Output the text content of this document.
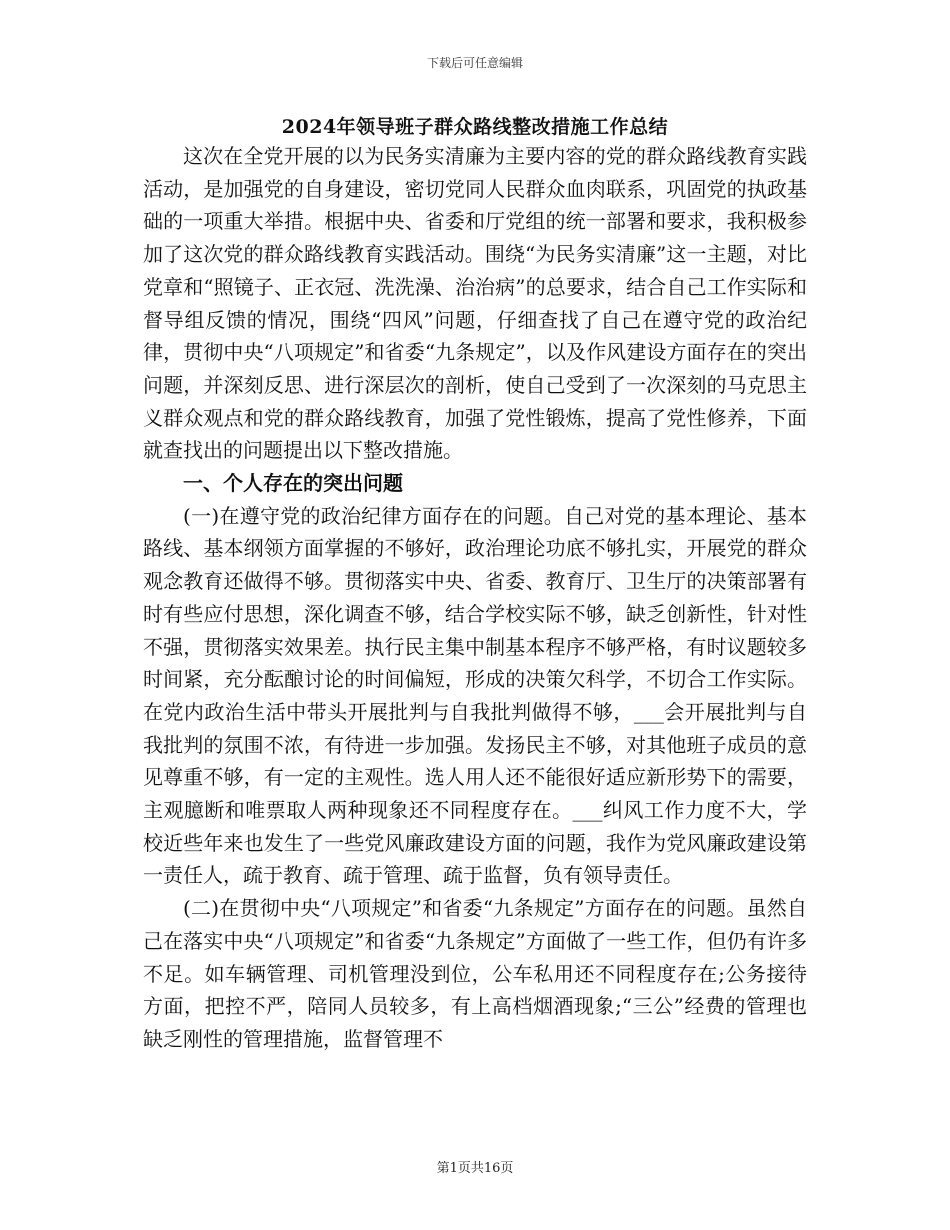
下载后可任意编辑
2024年领导班子群众路线整改措施工作总结

这次在全党开展的以为民务实清廉为主要内容的党的群众路线教育实践活动，是加强党的自身建设，密切党同人民群众血肉联系，巩固党的执政基础的一项重大举措。根据中央、省委和厅党组的统一部署和要求，我积极参加了这次党的群众路线教育实践活动。围绕“为民务实清廉”这一主题，对比党章和“照镜子、正衣冠、洗洗澡、治治病”的总要求，结合自己工作实际和督导组反馈的情况，围绕“四风”问题，仔细查找了自己在遵守党的政治纪律，贯彻中央“八项规定”和省委“九条规定”，以及作风建设方面存在的突出问题，并深刻反思、进行深层次的剖析，使自己受到了一次深刻的马克思主义群众观点和党的群众路线教育，加强了党性锻炼，提高了党性修养，下面就查找出的问题提出以下整改措施。

一、个人存在的突出问题

(一)在遵守党的政治纪律方面存在的问题。自己对党的基本理论、基本路线、基本纲领方面掌握的不够好，政治理论功底不够扎实，开展党的群众观念教育还做得不够。贯彻落实中央、省委、教育厅、卫生厅的决策部署有时有些应付思想，深化调查不够，结合学校实际不够，缺乏创新性，针对性不强，贯彻落实效果差。执行民主集中制基本程序不够严格，有时议题较多时间紧，充分酝酿讨论的时间偏短，形成的决策欠科学，不切合工作实际。在党内政治生活中带头开展批判与自我批判做得不够，___会开展批判与自我批判的氛围不浓，有待进一步加强。发扬民主不够，对其他班子成员的意见尊重不够，有一定的主观性。选人用人还不能很好适应新形势下的需要，主观臆断和唯票取人两种现象还不同程度存在。___纠风工作力度不大，学校近些年来也发生了一些党风廉政建设方面的问题，我作为党风廉政建设第一责任人，疏于教育、疏于管理、疏于监督，负有领导责任。

(二)在贯彻中央“八项规定”和省委“九条规定”方面存在的问题。虽然自己在落实中央“八项规定”和省委“九条规定”方面做了一些工作，但仍有许多不足。如车辆管理、司机管理没到位，公车私用还不同程度存在;公务接待方面，把控不严，陪同人员较多，有上高档烟酒现象;“三公”经费的管理也缺乏刚性的管理措施，监督管理不

第1页共16页
